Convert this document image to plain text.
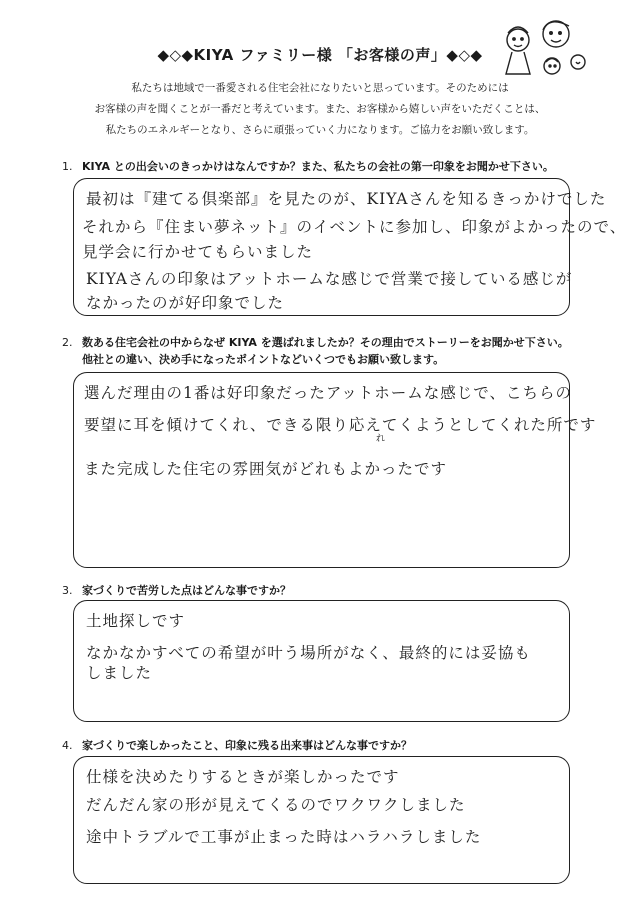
◆◇◆KIYA ファミリー様 「お客様の声」◆◇◆
私たちは地域で一番愛される住宅会社になりたいと思っています。そのためには
お客様の声を聞くことが一番だと考えています。また、お客様から嬉しい声をいただくことは、
私たちのエネルギーとなり、さらに頑張っていく力になります。ご協力をお願い致します。
1. KIYA との出会いのきっかけはなんですか？また、私たちの会社の第一印象をお聞かせ下さい。
最初は『建てる倶楽部』を見たのが、KIYAさんを知るきっかけでした
それから『住まい夢ネット』のイベントに参加し、印象がよかったので、
見学会に行かせてもらいました
KIYAさんの印象はアットホームな感じで営業で接している感じが
なかったのが好印象でした
2. 数ある住宅会社の中からなぜ KIYA を選ばれましたか？その理由でストーリーをお聞かせ下さい。
他社との違い、決め手になったポイントなどいくつでもお願い致します。
選んだ理由の1番は好印象だったアットホームな感じで、こちらの
要望に耳を傾けてくれ、できる限り応えてくようとしてくれた所です
れ
また完成した住宅の雰囲気がどれもよかったです
3. 家づくりで苦労した点はどんな事ですか？
土地探しです
なかなかすべての希望が叶う場所がなく、最終的には妥協も
しました
4. 家づくりで楽しかったこと、印象に残る出来事はどんな事ですか？
仕様を決めたりするときが楽しかったです
だんだん家の形が見えてくるのでワクワクしました
途中トラブルで工事が止まった時はハラハラしました
